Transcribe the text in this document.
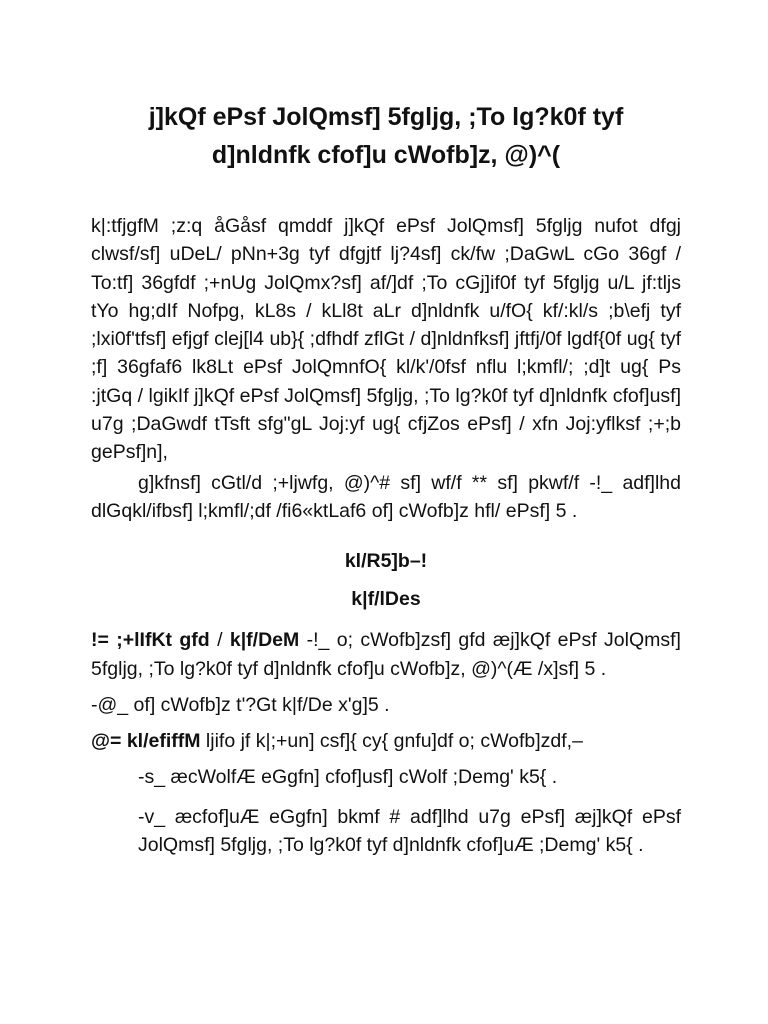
j]kQf ePsf JolQmsf] 5fgljg, ;To lg?k0f tyf
d]nldnfk cfof]u cWofb]z, @)^(

k|:tfjgfM ;z:q åGåsf qmddf j]kQf ePsf JolQmsf] 5fgljg nufot dfgj clwsf/sf] uDeL/ pNn+3g tyf dfgjtf lj?4sf] ck/fw ;DaGwL cGo 36gf / To:tf] 36gfdf ;+nUg JolQmx?sf] af/]df ;To cGj]if0f tyf 5fgljg u/L jf:tljs tYo hg;dIf Nofpg, kL8s / kLl8t aLr d]nldnfk u/fO{ kf/:kl/s ;b\efj tyf ;lxi0f'tfsf] efjgf clej[l4 ub}{ ;dfhdf zflGt / d]nldnfksf] jftfj/0f lgdf{0f ug{ tyf ;f] 36gfaf6 lk8Lt ePsf JolQmnfO{ kl/k'/0fsf nflu l;kmfl/; ;d]t ug{ Ps :jtGq / lgikIf j]kQf ePsf JolQmsf] 5fgljg, ;To lg?k0f tyf d]nldnfk cfof]usf] u7g ;DaGwdf tTsft sfg"gL Joj:yf ug{ cfjZos ePsf] / xfn Joj:yflksf ;+;b gePsf]n],

g]kfnsf] cGtl/d ;+ljwfg, @)^# sf] wf/f ** sf] pkwf/f -!_ adf]lhd dlGqkl/ifbsf] l;kmfl/;df /fi6«ktLaf6 of] cWofb]z hfl/ ePsf] 5 .

kl/R5]b–!

k|f/lDes

!= ;+lIfKt gfd / k|f/DeM -!_ o; cWofb]zsf] gfd æj]kQf ePsf JolQmsf] 5fgljg, ;To lg?k0f tyf d]nldnfk cfof]u cWofb]z, @)^(Æ /x]sf] 5 .

-@_ of] cWofb]z t'?Gt k|f/De x'g]5 .

@= kl/efiffM ljifo jf k|;+un] csf]{ cy{ gnfu]df o; cWofb]zdf,–

-s_ æcWolfÆ eGgfn] cfof]usf] cWolf ;Demg' k5{ .

-v_ æcfof]uÆ eGgfn] bkmf # adf]lhd u7g ePsf] æj]kQf ePsf JolQmsf] 5fgljg, ;To lg?k0f tyf d]nldnfk cfof]uÆ ;Demg' k5{ .
